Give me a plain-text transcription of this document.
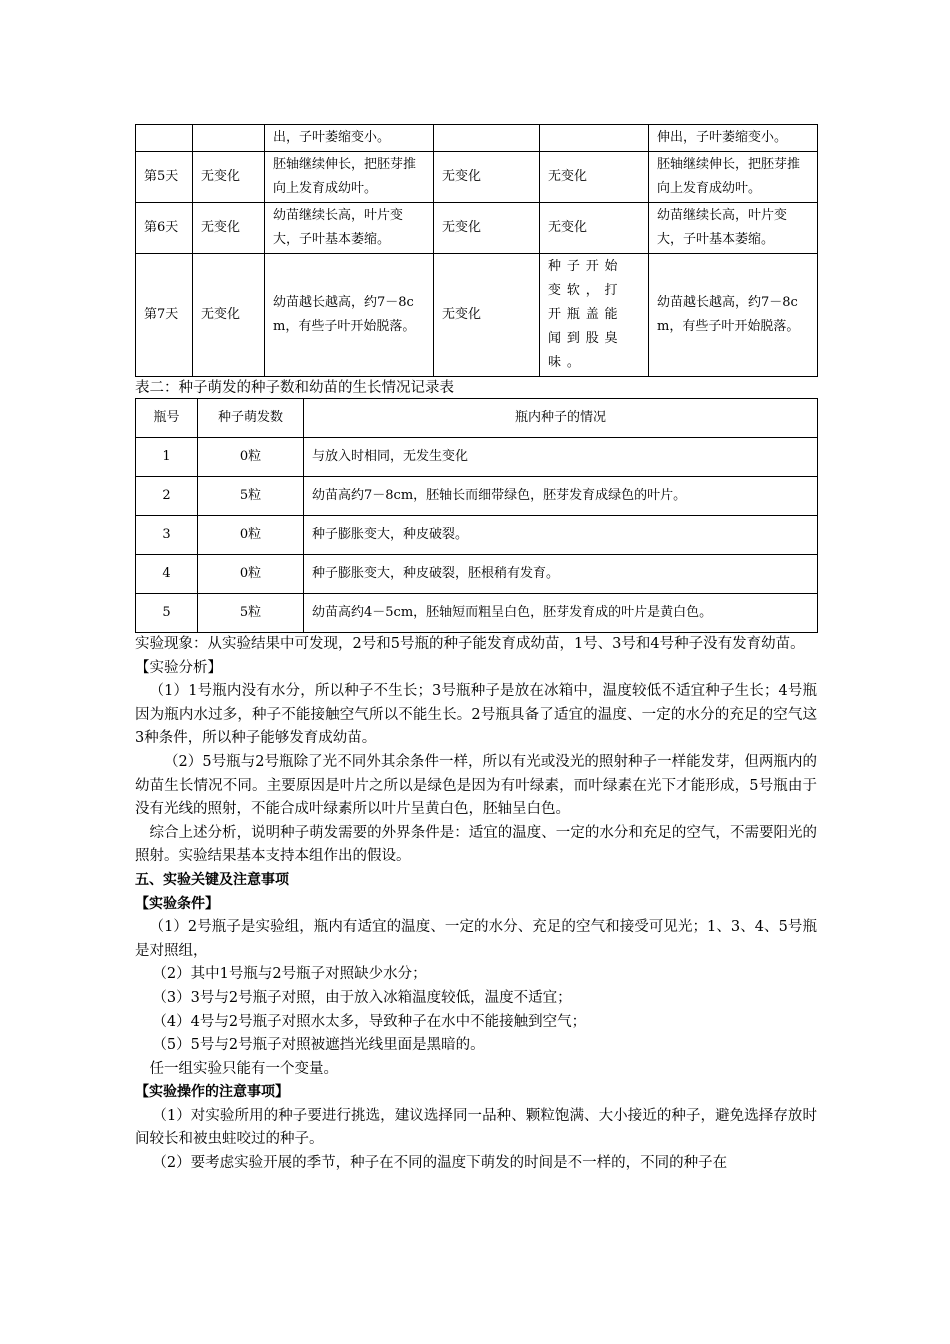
		出，子叶萎缩变小。			伸出，子叶萎缩变小。
第5天	无变化	胚轴继续伸长，把胚芽推向上发育成幼叶。	无变化	无变化	胚轴继续伸长，把胚芽推向上发育成幼叶。
第6天	无变化	幼苗继续长高，叶片变大，子叶基本萎缩。	无变化	无变化	幼苗继续长高，叶片变大，子叶基本萎缩。
第7天	无变化	幼苗越长越高，约7－8cm，有些子叶开始脱落。	无变化	种子开始变软，打开瓶盖能闻到股臭味。	幼苗越长越高，约7－8cm，有些子叶开始脱落。

表二：种子萌发的种子数和幼苗的生长情况记录表

瓶号	种子萌发数	瓶内种子的情况
1	0粒	与放入时相同，无发生变化
2	5粒	幼苗高约7－8cm，胚轴长而细带绿色，胚芽发育成绿色的叶片。
3	0粒	种子膨胀变大，种皮破裂。
4	0粒	种子膨胀变大，种皮破裂，胚根稍有发育。
5	5粒	幼苗高约4－5cm，胚轴短而粗呈白色，胚芽发育成的叶片是黄白色。

实验现象：从实验结果中可发现，2号和5号瓶的种子能发育成幼苗，1号、3号和4号种子没有发育幼苗。

【实验分析】

（1）1号瓶内没有水分，所以种子不生长；3号瓶种子是放在冰箱中，温度较低不适宜种子生长；4号瓶因为瓶内水过多，种子不能接触空气所以不能生长。2号瓶具备了适宜的温度、一定的水分的充足的空气这3种条件，所以种子能够发育成幼苗。

（2）5号瓶与2号瓶除了光不同外其余条件一样，所以有光或没光的照射种子一样能发芽，但两瓶内的幼苗生长情况不同。主要原因是叶片之所以是绿色是因为有叶绿素，而叶绿素在光下才能形成，5号瓶由于没有光线的照射，不能合成叶绿素所以叶片呈黄白色，胚轴呈白色。

综合上述分析，说明种子萌发需要的外界条件是：适宜的温度、一定的水分和充足的空气，不需要阳光的照射。实验结果基本支持本组作出的假设。

五、实验关键及注意事项

【实验条件】

（1）2号瓶子是实验组，瓶内有适宜的温度、一定的水分、充足的空气和接受可见光；1、3、4、5号瓶是对照组，

（2）其中1号瓶与2号瓶子对照缺少水分；

（3）3号与2号瓶子对照，由于放入冰箱温度较低，温度不适宜；

（4）4号与2号瓶子对照水太多，导致种子在水中不能接触到空气；

（5）5号与2号瓶子对照被遮挡光线里面是黑暗的。

任一组实验只能有一个变量。

【实验操作的注意事项】

（1）对实验所用的种子要进行挑选，建议选择同一品种、颗粒饱满、大小接近的种子，避免选择存放时间较长和被虫蛀咬过的种子。

（2）要考虑实验开展的季节，种子在不同的温度下萌发的时间是不一样的，不同的种子在
